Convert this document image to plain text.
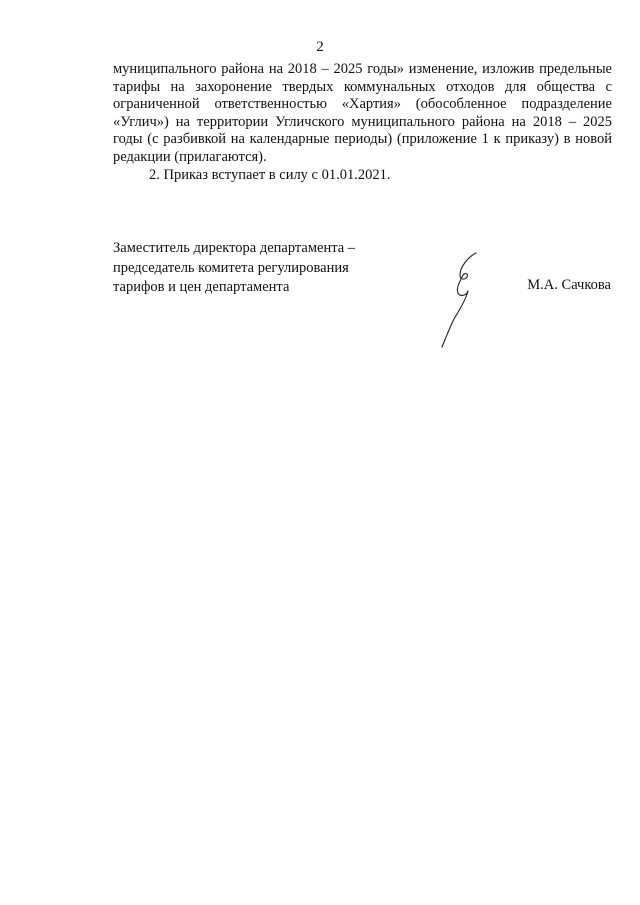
2

муниципального района на 2018 – 2025 годы» изменение, изложив предельные тарифы на захоронение твердых коммунальных отходов для общества с ограниченной ответственностью «Хартия» (обособленное подразделение «Углич») на территории Угличского муниципального района на 2018 – 2025 годы (с разбивкой на календарные периоды) (приложение 1 к приказу) в новой редакции (прилагаются).

2. Приказ вступает в силу с 01.01.2021.

Заместитель директора департамента –
председатель комитета регулирования
тарифов и цен департамента	М.А. Сачкова
